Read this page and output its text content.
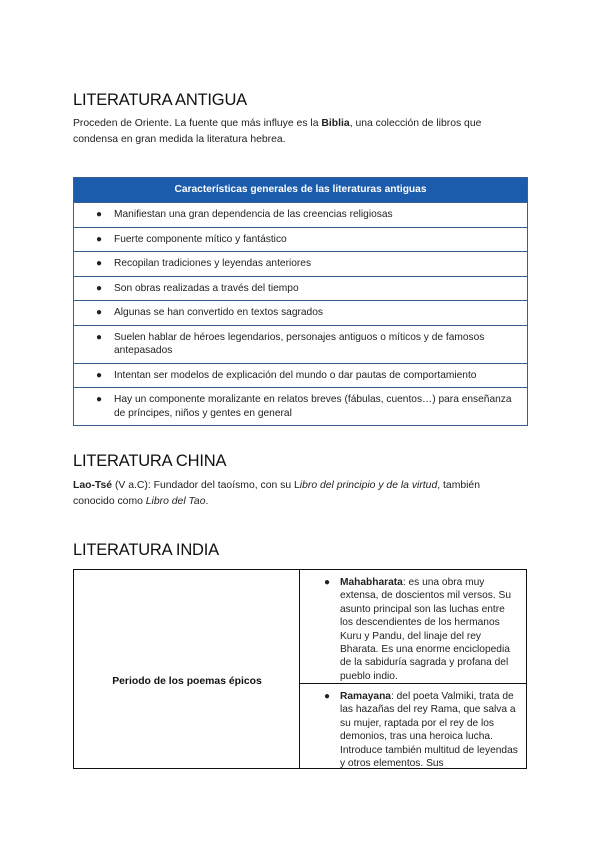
LITERATURA ANTIGUA

Proceden de Oriente. La fuente que más influye es la Biblia, una colección de libros que condensa en gran medida la literatura hebrea.

Características generales de las literaturas antiguas
● Manifiestan una gran dependencia de las creencias religiosas
● Fuerte componente mítico y fantástico
● Recopilan tradiciones y leyendas anteriores
● Son obras realizadas a través del tiempo
● Algunas se han convertido en textos sagrados
● Suelen hablar de héroes legendarios, personajes antiguos o míticos y de famosos antepasados
● Intentan ser modelos de explicación del mundo o dar pautas de comportamiento
● Hay un componente moralizante en relatos breves (fábulas, cuentos…) para enseñanza de príncipes, niños y gentes en general
LITERATURA CHINA

Lao-Tsé (V a.C): Fundador del taoísmo, con su Libro del principio y de la virtud, también conocido como Libro del Tao.

LITERATURA INDIA
Periodo de los poemas épicos
● Mahabharata: es una obra muy extensa, de doscientos mil versos. Su asunto principal son las luchas entre los descendientes de los hermanos Kuru y Pandu, del linaje del rey Bharata. Es una enorme enciclopedia de la sabiduría sagrada y profana del pueblo indio.
● Ramayana: del poeta Valmiki, trata de las hazañas del rey Rama, que salva a su mujer, raptada por el rey de los demonios, tras una heroica lucha. Introduce también multitud de leyendas y otros elementos. Sus
